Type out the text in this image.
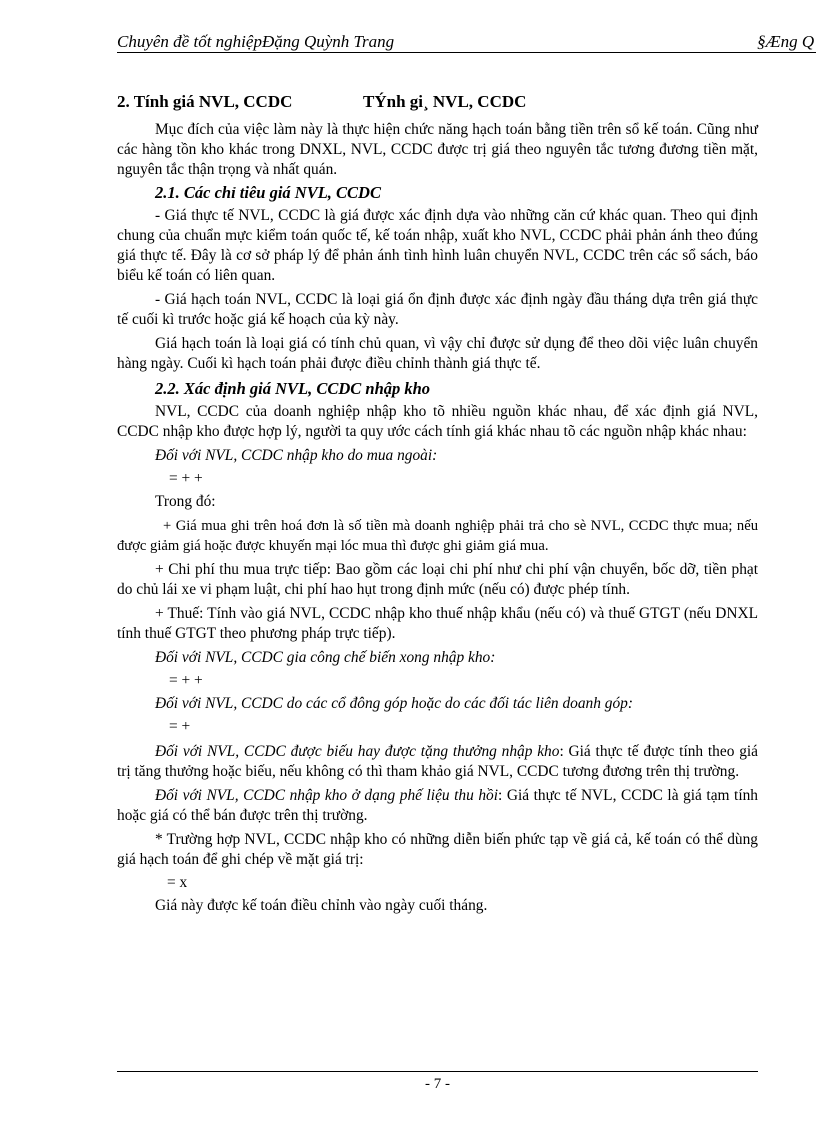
Chuyên đề tốt nghiệpĐặng Quỳnh Trang	§Æng Q
2. Tính giá NVL, CCDC	TÝnh gi¸ NVL, CCDC

Mục đích của việc làm này là thực hiện chức năng hạch toán bằng tiền trên sổ kế toán. Cũng như các hàng tồn kho khác trong DNXL, NVL, CCDC được trị giá theo nguyên tắc tương đương tiền mặt, nguyên tắc thận trọng và nhất quán.

2.1. Các chỉ tiêu giá NVL, CCDC

- Giá thực tế NVL, CCDC là giá được xác định dựa vào những căn cứ khác quan. Theo qui định chung của chuẩn mực kiểm toán quốc tế, kế toán nhập, xuất kho NVL, CCDC phải phản ánh theo đúng giá thực tế. Đây là cơ sở pháp lý để phản ánh tình hình luân chuyển NVL, CCDC trên các sổ sách, báo biểu kế toán có liên quan.

- Giá hạch toán NVL, CCDC là loại giá ổn định được xác định ngày đầu tháng dựa trên giá thực tế cuối kì trước hoặc giá kế hoạch của kỳ này.

Giá hạch toán là loại giá có tính chủ quan, vì vậy chỉ được sử dụng để theo dõi việc luân chuyển hàng ngày. Cuối kì hạch toán phải được điều chỉnh thành giá thực tế.

2.2. Xác định giá NVL, CCDC nhập kho

NVL, CCDC của doanh nghiệp nhập kho tõ nhiều nguồn khác nhau, để xác định giá NVL, CCDC nhập kho được hợp lý, người ta quy ước cách tính giá khác nhau tõ các nguồn nhập khác nhau:

Đối với NVL, CCDC nhập kho do mua ngoài:

= + +

Trong đó:

+ Giá mua ghi trên hoá đơn là số tiền mà doanh nghiệp phải trả cho sè NVL, CCDC thực mua; nếu được giảm giá hoặc được khuyến mại lóc mua thì được ghi giảm giá mua.

+ Chi phí thu mua trực tiếp: Bao gồm các loại chi phí như chi phí vận chuyển, bốc dỡ, tiền phạt do chủ lái xe vi phạm luật, chi phí hao hụt trong định mức (nếu có) được phép tính.

+ Thuế: Tính vào giá NVL, CCDC nhập kho thuế nhập khẩu (nếu có) và thuế GTGT (nếu DNXL tính thuế GTGT theo phương pháp trực tiếp).

Đối với NVL, CCDC gia công chế biến xong nhập kho:

= + +

Đối với NVL, CCDC do các cổ đông góp hoặc do các đối tác liên doanh góp:

= +

Đối với NVL, CCDC được biếu hay được tặng thưởng nhập kho: Giá thực tế được tính theo giá trị tăng thưởng hoặc biếu, nếu không có thì tham khảo giá NVL, CCDC tương đương trên thị trường.

Đối với NVL, CCDC nhập kho ở dạng phế liệu thu hồi: Giá thực tế NVL, CCDC là giá tạm tính hoặc giá có thể bán được trên thị trường.

* Trường hợp NVL, CCDC nhập kho có những diễn biến phức tạp về giá cả, kế toán có thể dùng giá hạch toán để ghi chép về mặt giá trị:

= x

Giá này được kế toán điều chỉnh vào ngày cuối tháng.

- 7 -
